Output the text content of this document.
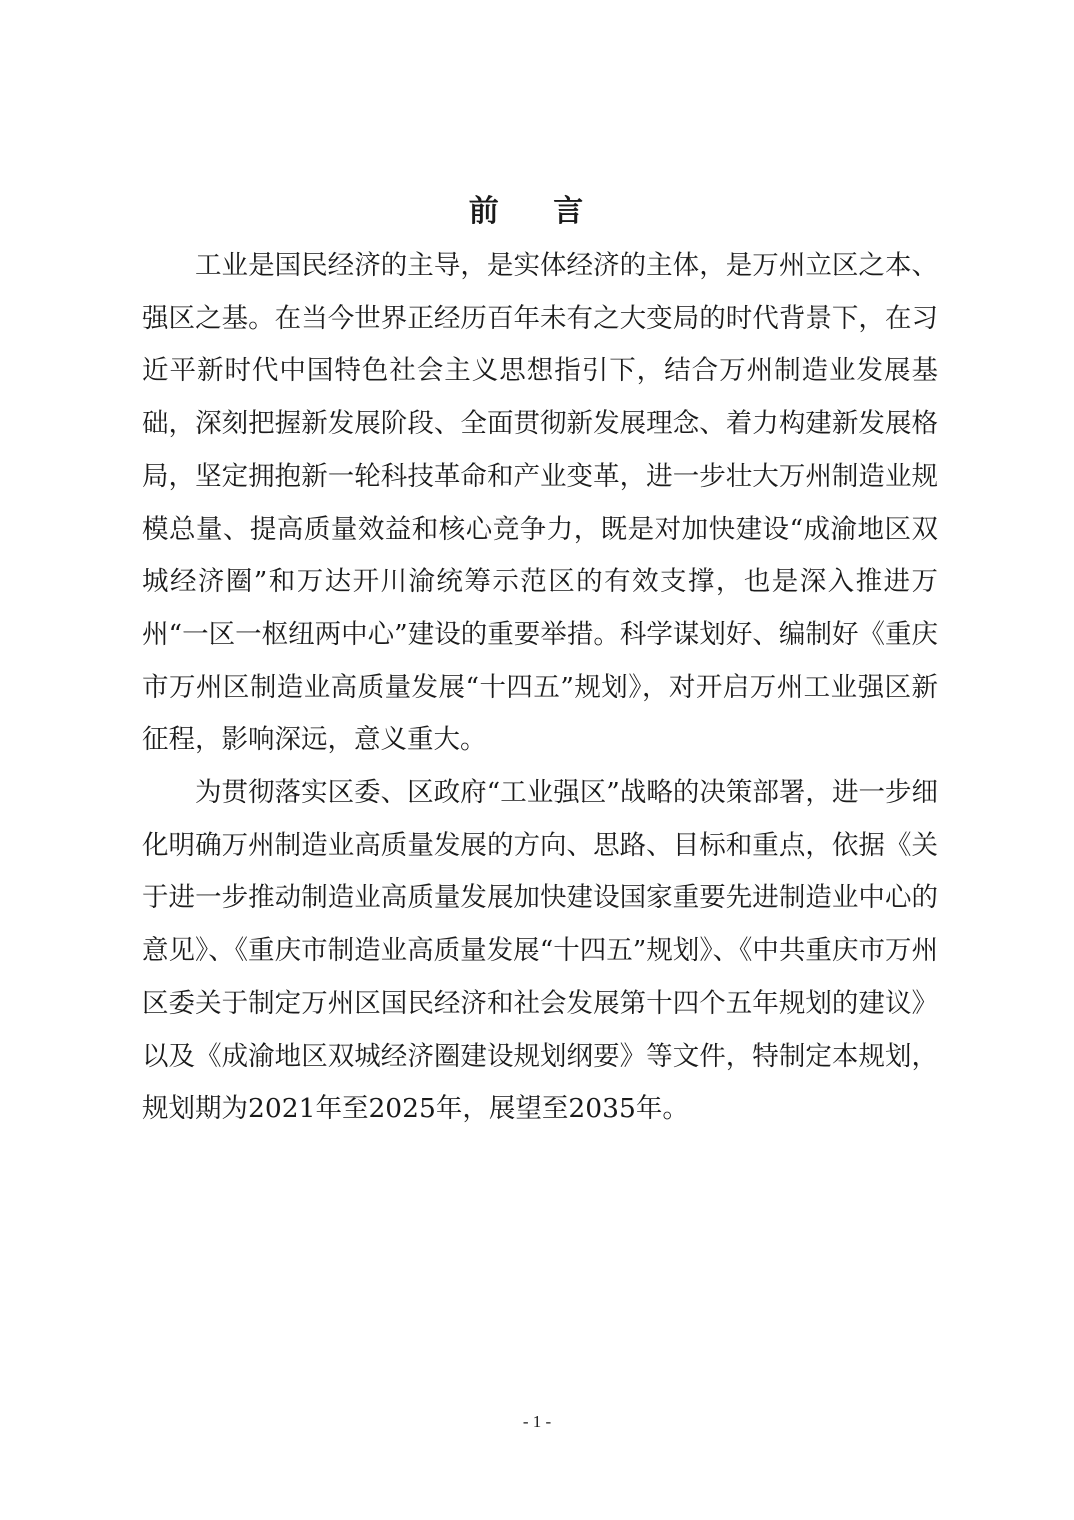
前 言

工业是国民经济的主导，是实体经济的主体，是万州立区之本、强区之基。在当今世界正经历百年未有之大变局的时代背景下，在习近平新时代中国特色社会主义思想指引下，结合万州制造业发展基础，深刻把握新发展阶段、全面贯彻新发展理念、着力构建新发展格局，坚定拥抱新一轮科技革命和产业变革，进一步壮大万州制造业规模总量、提高质量效益和核心竞争力，既是对加快建设“成渝地区双城经济圈”和万达开川渝统筹示范区的有效支撑，也是深入推进万州“一区一枢纽两中心”建设的重要举措。科学谋划好、编制好《重庆市万州区制造业高质量发展“十四五”规划》，对开启万州工业强区新征程，影响深远，意义重大。

为贯彻落实区委、区政府“工业强区”战略的决策部署，进一步细化明确万州制造业高质量发展的方向、思路、目标和重点，依据《关于进一步推动制造业高质量发展加快建设国家重要先进制造业中心的意见》、《重庆市制造业高质量发展“十四五”规划》、《中共重庆市万州区委关于制定万州区国民经济和社会发展第十四个五年规划的建议》以及《成渝地区双城经济圈建设规划纲要》等文件，特制定本规划，规划期为2021年至2025年，展望至2035年。

- 1 -
